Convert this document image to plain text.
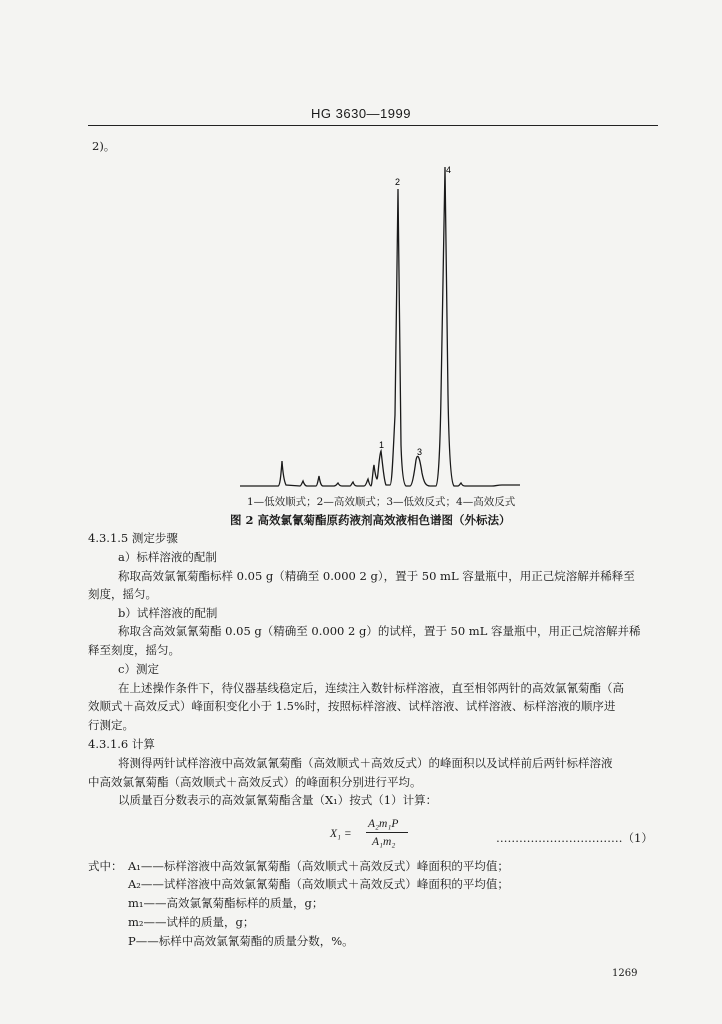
HG 3630—1999
2)。
2
4
1
3
1—低效顺式；2—高效顺式；3—低效反式；4—高效反式
图 2 高效氯氰菊酯原药液剂高效液相色谱图（外标法）
4.3.1.5 测定步骤
a）标样溶液的配制
称取高效氯氰菊酯标样 0.05 g（精确至 0.000 2 g），置于 50 mL 容量瓶中，用正己烷溶解并稀释至
刻度，摇匀。
b）试样溶液的配制
称取含高效氯氰菊酯 0.05 g（精确至 0.000 2 g）的试样，置于 50 mL 容量瓶中，用正己烷溶解并稀
释至刻度，摇匀。
c）测定
在上述操作条件下，待仪器基线稳定后，连续注入数针标样溶液，直至相邻两针的高效氯氰菊酯（高
效顺式＋高效反式）峰面积变化小于 1.5%时，按照标样溶液、试样溶液、试样溶液、标样溶液的顺序进
行测定。
4.3.1.6 计算
将测得两针试样溶液中高效氯氰菊酯（高效顺式＋高效反式）的峰面积以及试样前后两针标样溶液
中高效氯氰菊酯（高效顺式＋高效反式）的峰面积分别进行平均。
以质量百分数表示的高效氯氰菊酯含量（X₁）按式（1）计算：
X₁ =
A₂m₁P
A₁m₂	……………………………（1）
式中： A₁——标样溶液中高效氯氰菊酯（高效顺式＋高效反式）峰面积的平均值；
A₂——试样溶液中高效氯氰菊酯（高效顺式＋高效反式）峰面积的平均值；
m₁——高效氯氰菊酯标样的质量，g；
m₂——试样的质量，g；
P——标样中高效氯氰菊酯的质量分数，%。
1269
